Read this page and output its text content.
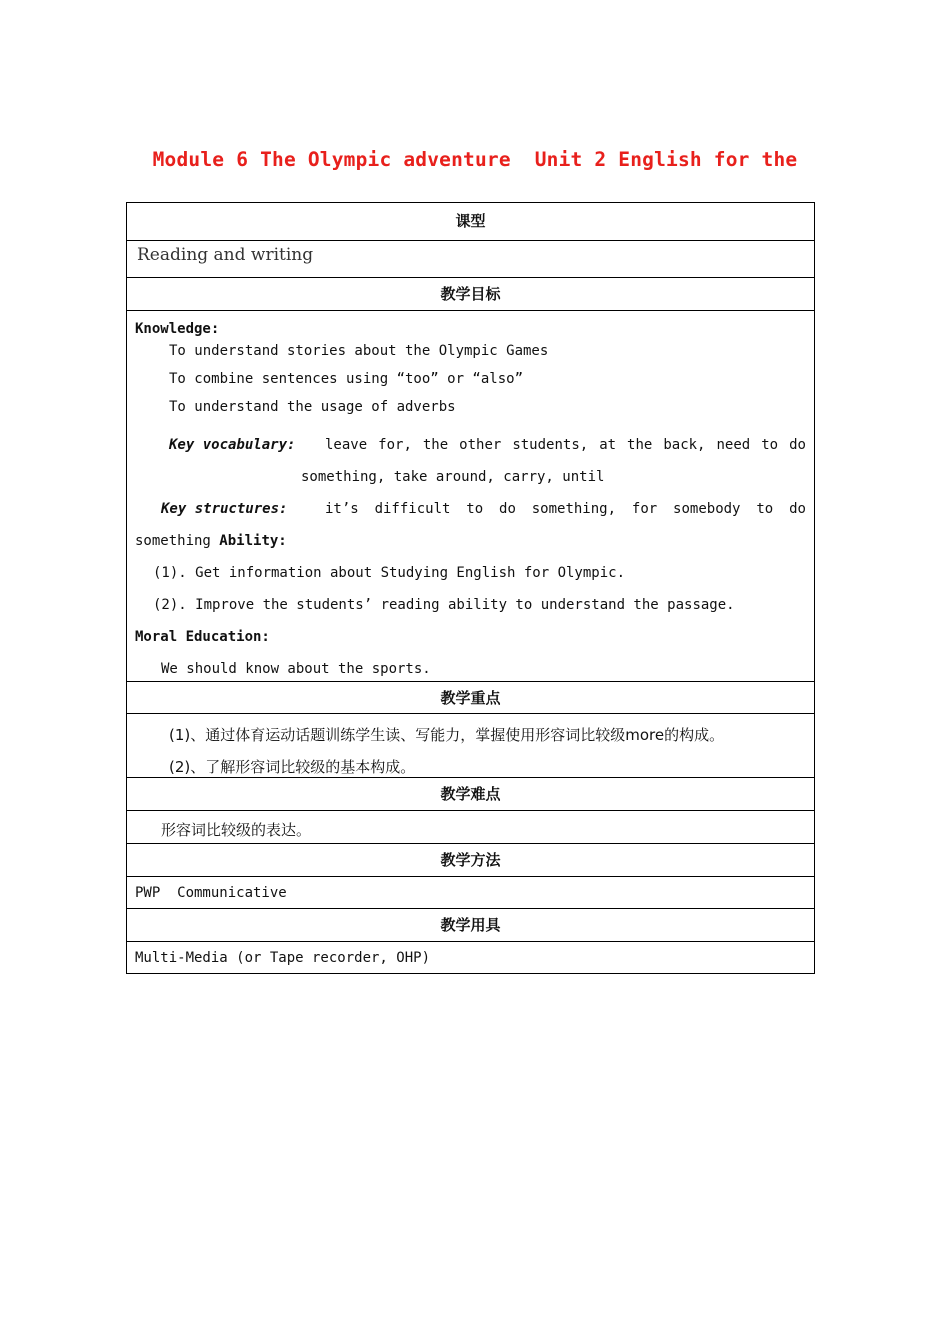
Module 6 The Olympic adventure  Unit 2 English for the
课型
Reading and writing
教学目标
Knowledge:
To understand stories about the Olympic Games
To combine sentences using “too” or “also”
To understand the usage of adverbs
Key vocabulary: leave for, the other students, at the back, need to do
something, take around, carry, until
Key structures:	it’s difficult to do something, for somebody to do
something Ability:
(1). Get information about Studying English for Olympic.
(2). Improve the students’ reading ability to understand the passage.
Moral Education:
We should know about the sports.
教学重点
(1)、通过体育运动话题训练学生读、写能力，掌握使用形容词比较级more的构成。
(2)、了解形容词比较级的基本构成。
教学难点
形容词比较级的表达。
教学方法
PWP  Communicative
教学用具
Multi-Media (or Tape recorder, OHP)
